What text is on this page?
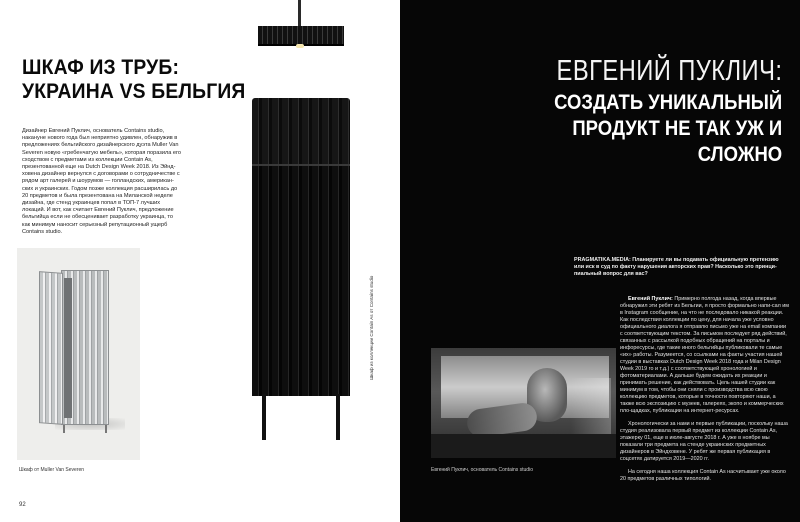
ШКАФ ИЗ ТРУБ:
УКРАИНА VS БЕЛЬГИЯ
Дизайнер Евгений Пуклич, основатель Contains studio, накануне нового года был неприятно удивлен, обнаружив в предложениях бельгийского дизайнерского дуэта Muller Van Severen новую «гребенчатую мебель», которая поразила его сходством с предметами из коллекции Contain As, презентованной еще на Dutch Design Week 2018. Из Эйнд-ховена дизайнер вернулся с договорами о сотрудничестве с рядом арт галерей и шоурумов — голландских, американ-ских и украинских. Годом позже коллекция расширилась до 20 предметов и была презентована на Миланской неделе дизайна, где стенд украинцев попал в ТОП-7 лучших локаций. И вот, как считает Евгений Пуклич, предложение бельгийца если не обесценивает разработку украинца, то как минимум наносит серьезный репутационный ущерб Contains studio.
Шкаф от Muller Van Severen
92
Шкаф из коллекции Contain As от Contains studio
ЕВГЕНИЙ ПУКЛИЧ:
СОЗДАТЬ УНИКАЛЬНЫЙ
ПРОДУКТ НЕ ТАК УЖ И
СЛОЖНО
PRAGMATIKA.MEDIA: Планируете ли вы подавать официальную претензию или иск в суд по факту нарушения авторских прав? Насколько это принци-пиальный вопрос для вас?

Евгений Пуклич: Примерно полгода назад, когда впервые обнаружил эти ребят из Бельгии, я просто формально напи-сал им в Instagram сообщение, на что не последовало никакой реакции. Как последствия коллекции по цену, для начала уже условно официального диалога я отправлю письмо уже на email компании с соответствующим текстом. За письмом последует ряд действий, связанных с рассылкой подобных обращений на порталы и инфоресурсы, где такие иного бельгийцы публиковали те самые «их» работы. Разумеется, со ссылками на факты участия нашей студии в выставках Dutch Design Week 2018 года и Milan Design Week 2019 го и т.д.) с соответствующей хронологией и фотоматериалами. А дальше будем ожидать их реакции и принимать решение, как действовать. Цель нашей студии как минимум в том, чтобы они сняли с производства всю свою коллекцию предметов, которые в точности повторяют наши, а также всю экспозицию с музеев, галереях, экопо и коммерческих пло-щадках, публикации на интернет-ресурсах.

Хронологически за нами и первые публикации, поскольку наша студия реализовала первый предмет из коллекции Contain As, этажерку 01, еще в июле-августе 2018 г. А уже в ноябре мы показали три предмета на стенде украинских предметных дизайнеров в Эйндховене. У ребят же первая публикация в соцсетях датируется 2019—2020 гг.

На сегодня наша коллекция Contain As насчитывает уже около 20 предметов различных типологий.

Евгений Пуклич, основатель Contains studio
